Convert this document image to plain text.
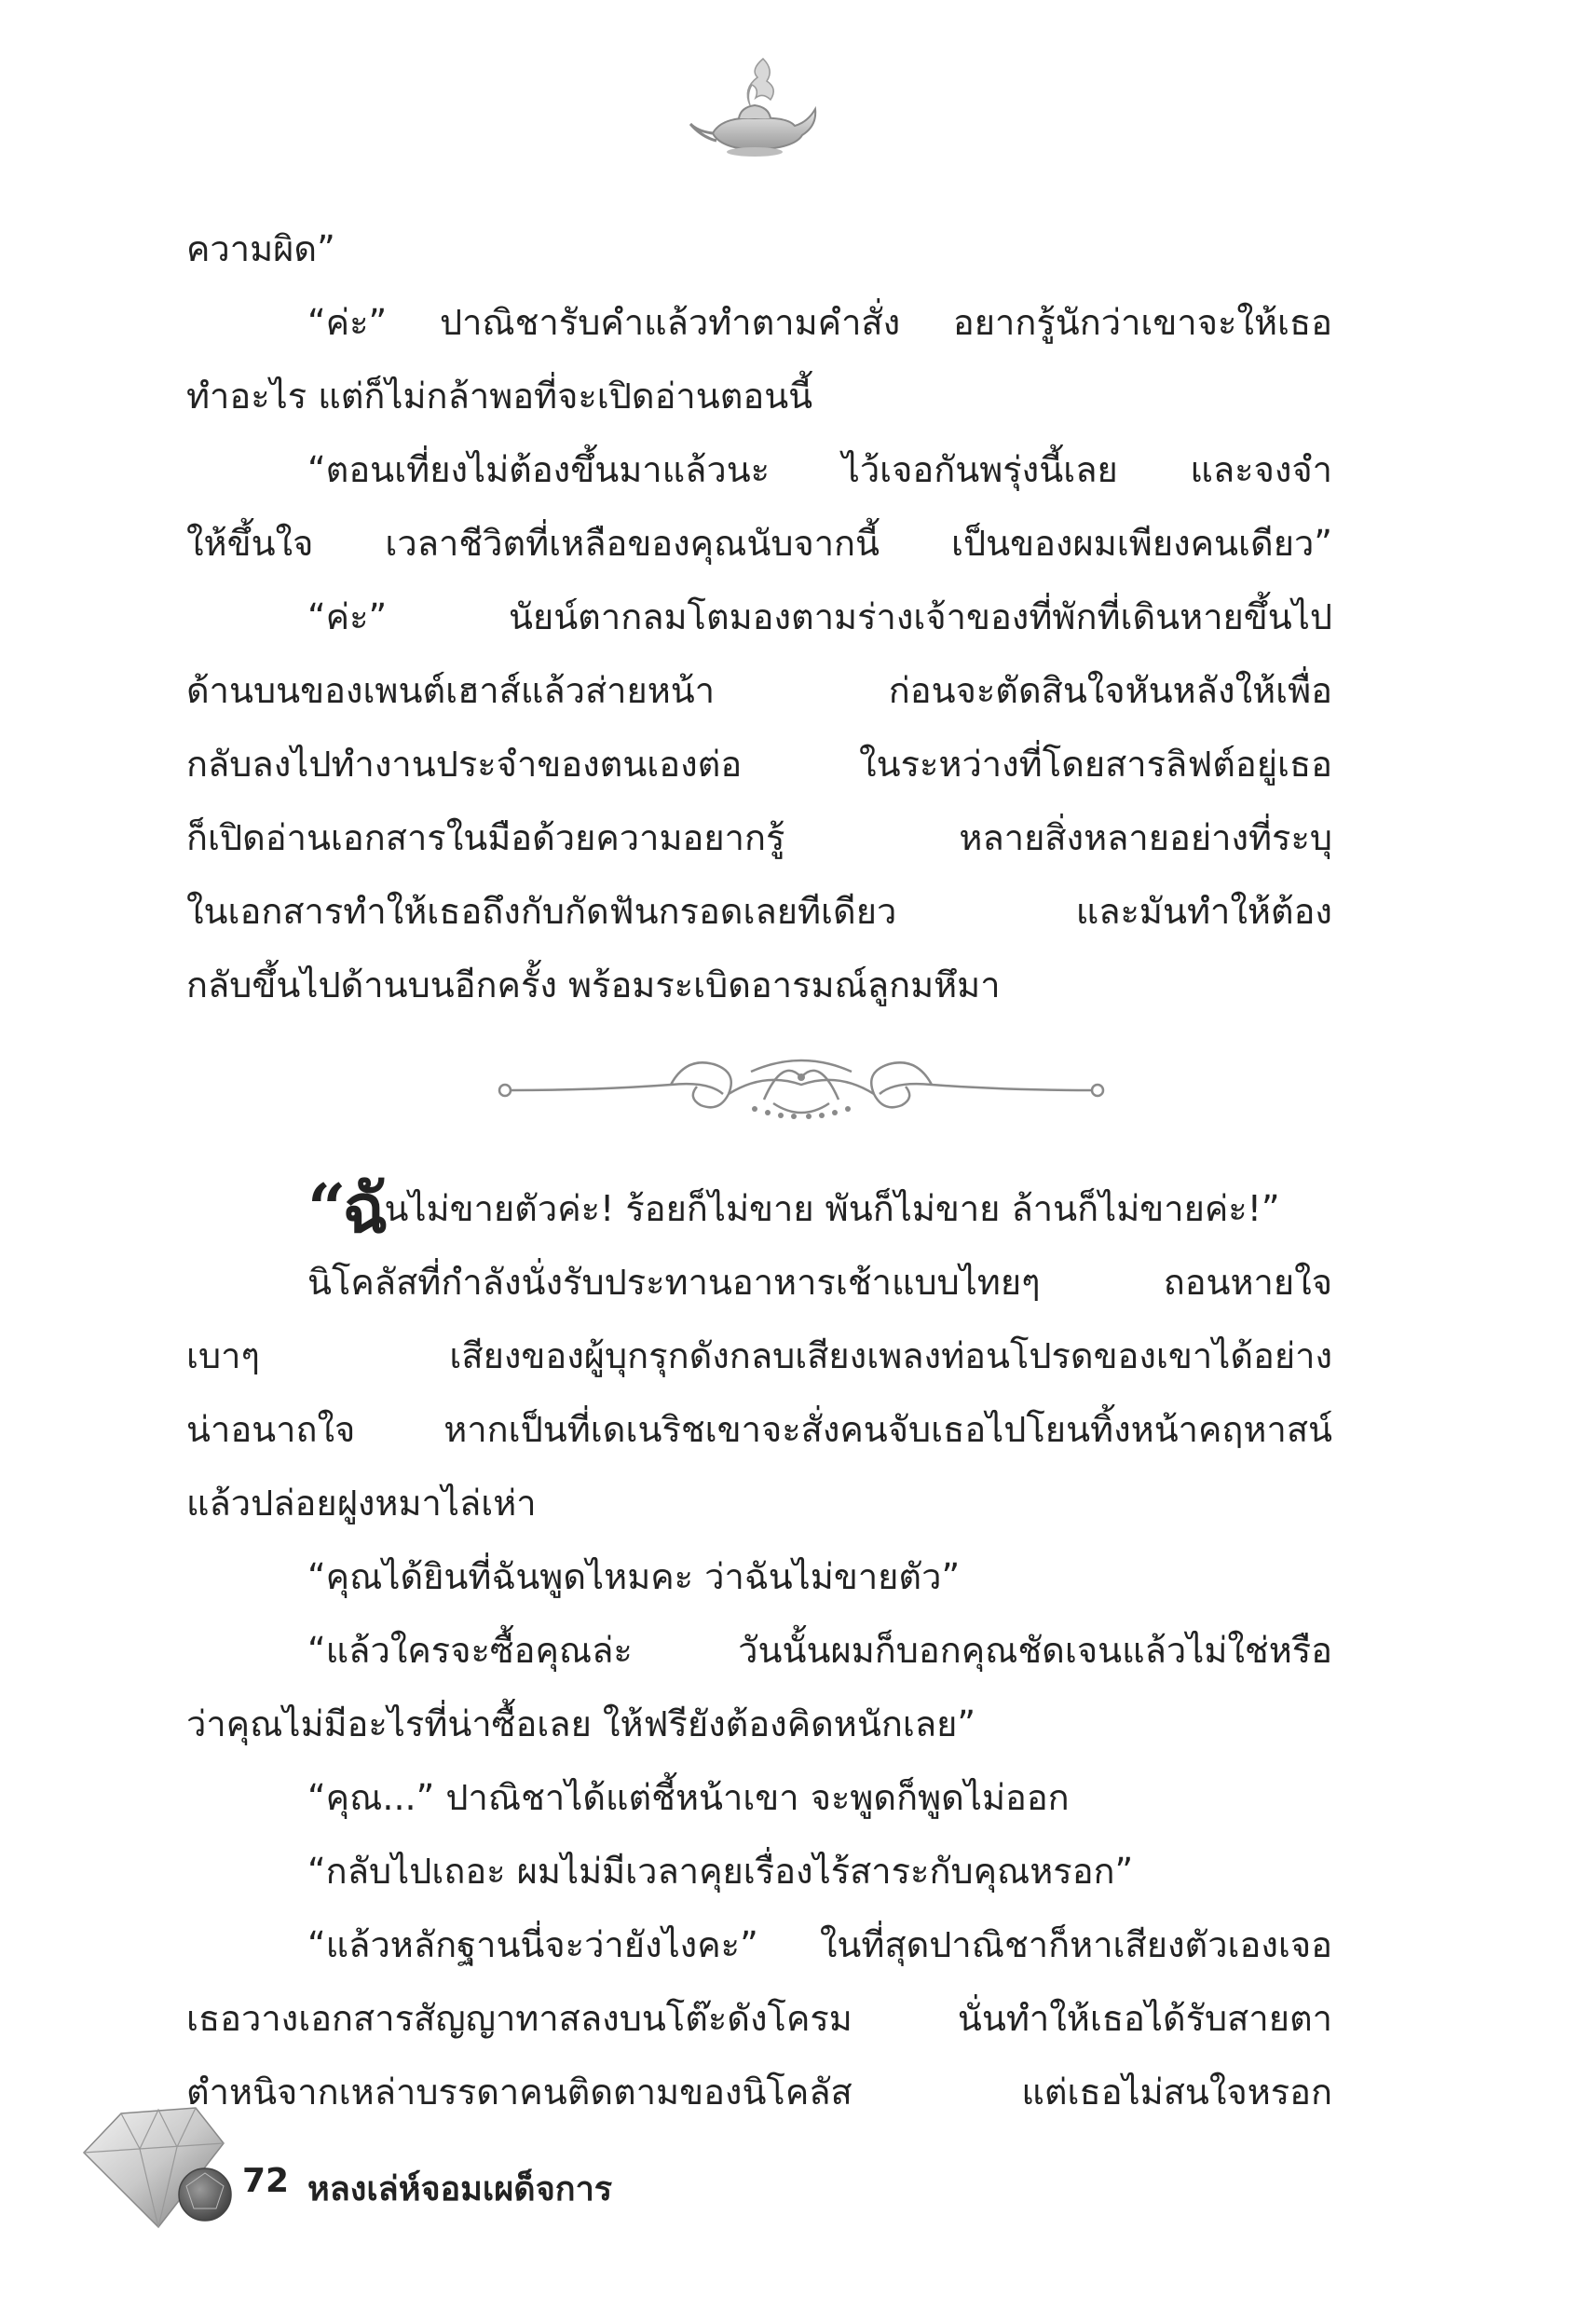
ความผิด”
“ค่ะ” ปาณิชารับคำแล้วทำตามคำสั่ง อยากรู้นักว่าเขาจะให้เธอ
ทำอะไร แต่ก็ไม่กล้าพอที่จะเปิดอ่านตอนนี้
“ตอนเที่ยงไม่ต้องขึ้นมาแล้วนะ ไว้เจอกันพรุ่งนี้เลย และจงจำ
ให้ขึ้นใจ เวลาชีวิตที่เหลือของคุณนับจากนี้ เป็นของผมเพียงคนเดียว”
“ค่ะ” นัยน์ตากลมโตมองตามร่างเจ้าของที่พักที่เดินหายขึ้นไป
ด้านบนของเพนต์เฮาส์แล้วส่ายหน้า ก่อนจะตัดสินใจหันหลังให้เพื่อ
กลับลงไปทำงานประจำของตนเองต่อ ในระหว่างที่โดยสารลิฟต์อยู่เธอ
ก็เปิดอ่านเอกสารในมือด้วยความอยากรู้ หลายสิ่งหลายอย่างที่ระบุ
ในเอกสารทำให้เธอถึงกับกัดฟันกรอดเลยทีเดียว และมันทำให้ต้อง
กลับขึ้นไปด้านบนอีกครั้ง พร้อมระเบิดอารมณ์ลูกมหึมา
“ฉันไม่ขายตัวค่ะ! ร้อยก็ไม่ขาย พันก็ไม่ขาย ล้านก็ไม่ขายค่ะ!”
นิโคลัสที่กำลังนั่งรับประทานอาหารเช้าแบบไทยๆ ถอนหายใจ
เบาๆ เสียงของผู้บุกรุกดังกลบเสียงเพลงท่อนโปรดของเขาได้อย่าง
น่าอนาถใจ หากเป็นที่เดเนริชเขาจะสั่งคนจับเธอไปโยนทิ้งหน้าคฤหาสน์
แล้วปล่อยฝูงหมาไล่เห่า
“คุณได้ยินที่ฉันพูดไหมคะ ว่าฉันไม่ขายตัว”
“แล้วใครจะซื้อคุณล่ะ วันนั้นผมก็บอกคุณชัดเจนแล้วไม่ใช่หรือ
ว่าคุณไม่มีอะไรที่น่าซื้อเลย ให้ฟรียังต้องคิดหนักเลย”
“คุณ...” ปาณิชาได้แต่ชี้หน้าเขา จะพูดก็พูดไม่ออก
“กลับไปเถอะ ผมไม่มีเวลาคุยเรื่องไร้สาระกับคุณหรอก”
“แล้วหลักฐานนี่จะว่ายังไงคะ” ในที่สุดปาณิชาก็หาเสียงตัวเองเจอ
เธอวางเอกสารสัญญาทาสลงบนโต๊ะดังโครม นั่นทำให้เธอได้รับสายตา
ตำหนิจากเหล่าบรรดาคนติดตามของนิโคลัส แต่เธอไม่สนใจหรอก
72 หลงเล่ห์จอมเผด็จการ
